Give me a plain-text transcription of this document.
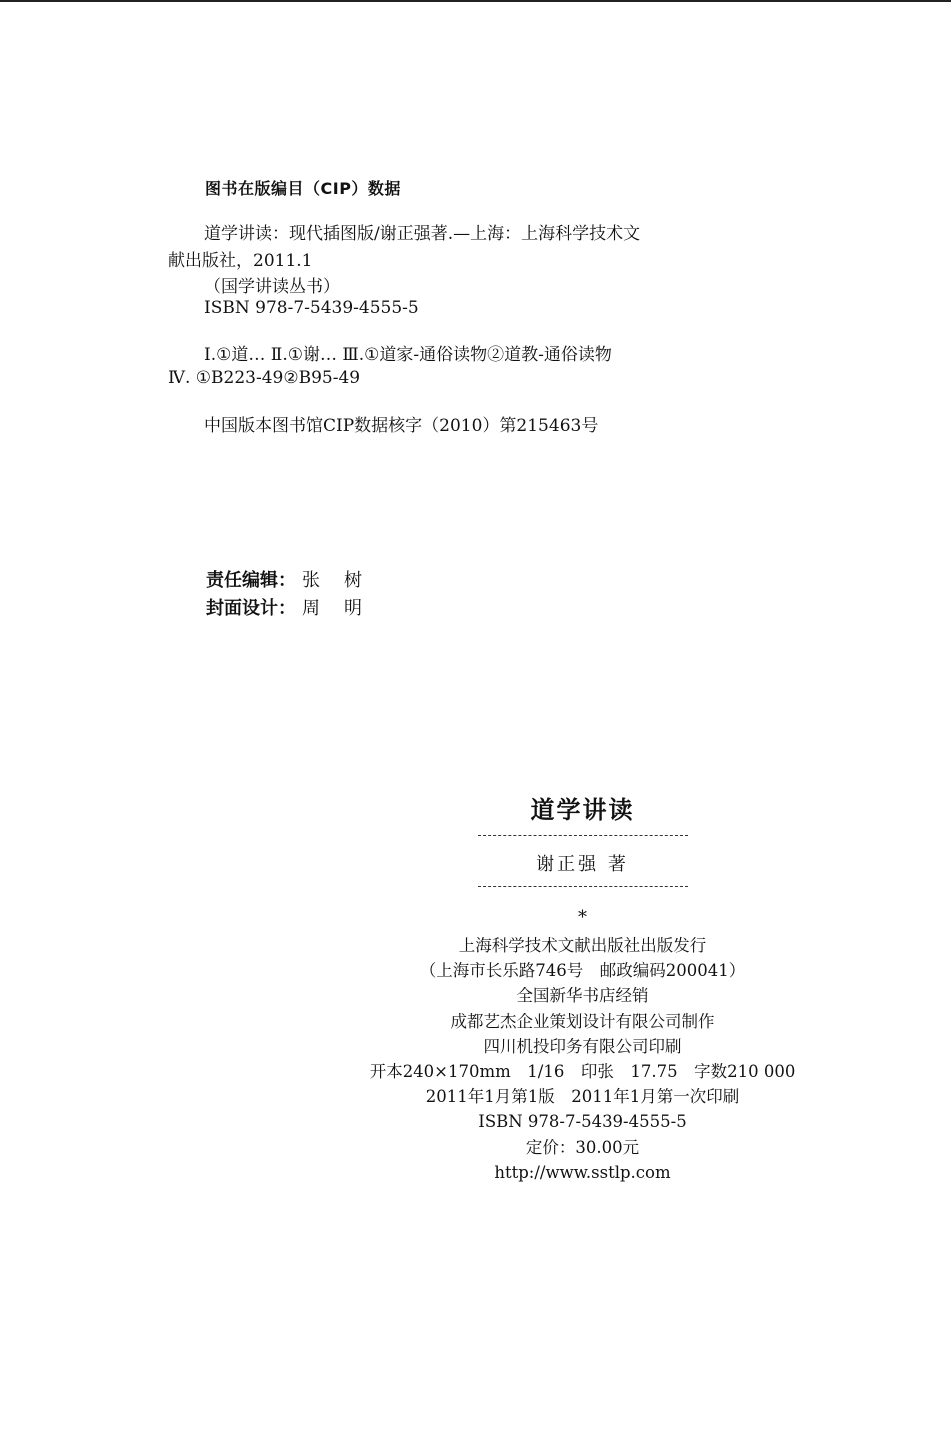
图书在版编目（CIP）数据
道学讲读：现代插图版/谢正强著.—上海：上海科学技术文
献出版社，2011.1
（国学讲读丛书）
ISBN 978-7-5439-4555-5
Ⅰ.①道… Ⅱ.①谢… Ⅲ.①道家-通俗读物②道教-通俗读物
Ⅳ. ①B223-49②B95-49
中国版本图书馆CIP数据核字（2010）第215463号
责任编辑： 张树
封面设计： 周明
道学讲读
谢正强 著
*
上海科学技术文献出版社出版发行
（上海市长乐路746号　邮政编码200041）
全国新华书店经销
成都艺杰企业策划设计有限公司制作
四川机投印务有限公司印刷
开本240×170mm　1/16　印张　17.75　字数210 000
2011年1月第1版　2011年1月第一次印刷
ISBN 978-7-5439-4555-5
定价：30.00元
http://www.sstlp.com
